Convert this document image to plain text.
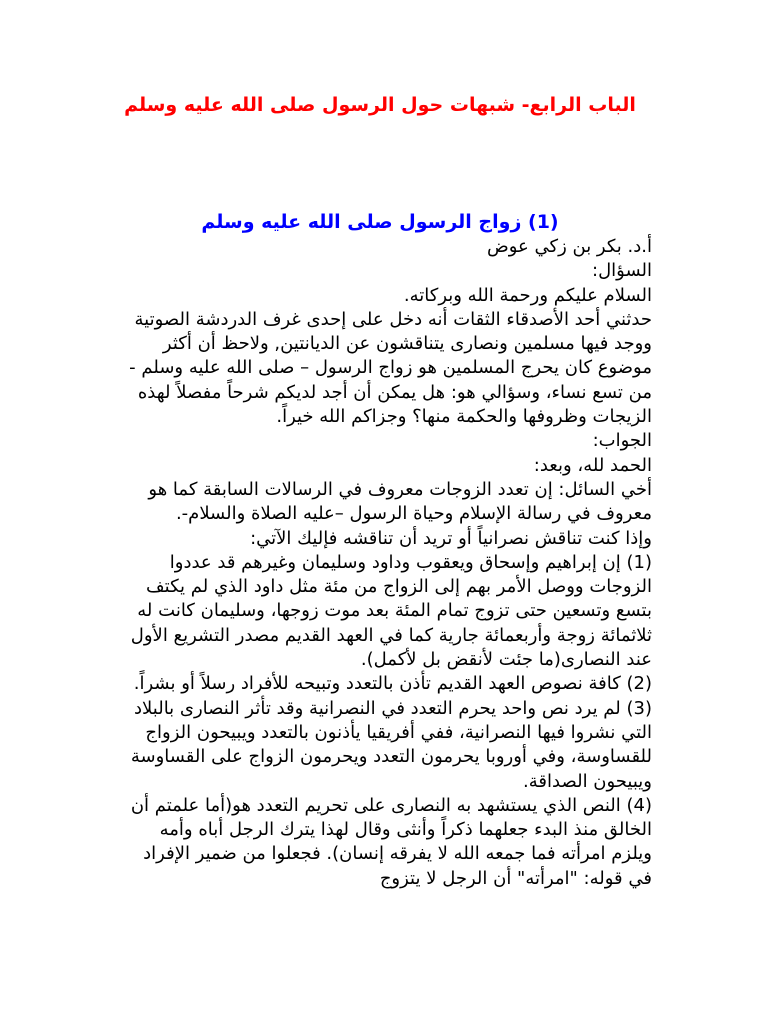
الباب الرابع- شبهات حول الرسول صلى الله عليه وسلم
(1) زواج الرسول صلى الله عليه وسلم

أ.د. بكر بن زكي عوض

السؤال:

السلام عليكم ورحمة الله وبركاته.

حدثني أحد الأصدقاء الثقات أنه دخل على إحدى غرف الدردشة الصوتية ووجد فيها مسلمين ونصارى يتناقشون عن الديانتين, ولاحظ أن أكثر موضوع كان يحرج المسلمين هو زواج الرسول – صلى الله عليه وسلم - من تسع نساء، وسؤالي هو: هل يمكن أن أجد لديكم شرحاً مفصلاً لهذه الزيجات وظروفها والحكمة منها؟ وجزاكم الله خيراً.

الجواب:

الحمد لله، وبعد:

أخي السائل: إن تعدد الزوجات معروف في الرسالات السابقة كما هو معروف في رسالة الإسلام وحياة الرسول –عليه الصلاة والسلام-.

وإذا كنت تناقش نصرانياً أو تريد أن تناقشه فإليك الآتي:

(1) إن إبراهيم وإسحاق ويعقوب وداود وسليمان وغيرهم قد عددوا الزوجات ووصل الأمر بهم إلى الزواج من مئة مثل داود الذي لم يكتف بتسع وتسعين حتى تزوج تمام المئة بعد موت زوجها، وسليمان كانت له ثلاثمائة زوجة وأربعمائة جارية كما في العهد القديم مصدر التشريع الأول عند النصارى(ما جئت لأنقض بل لأكمل).

(2) كافة نصوص العهد القديم تأذن بالتعدد وتبيحه للأفراد رسلاً أو بشراً.

(3) لم يرد نص واحد يحرم التعدد في النصرانية وقد تأثر النصارى بالبلاد التي نشروا فيها النصرانية، ففي أفريقيا يأذنون بالتعدد ويبيحون الزواج للقساوسة، وفي أوروبا يحرمون التعدد ويحرمون الزواج على القساوسة ويبيحون الصداقة.

(4) النص الذي يستشهد به النصارى على تحريم التعدد هو(أما علمتم أن الخالق منذ البدء جعلهما ذكراً وأنثى وقال لهذا يترك الرجل أباه وأمه ويلزم امرأته فما جمعه الله لا يفرقه إنسان). فجعلوا من ضمير الإفراد في قوله: "امرأته" أن الرجل لا يتزوج
